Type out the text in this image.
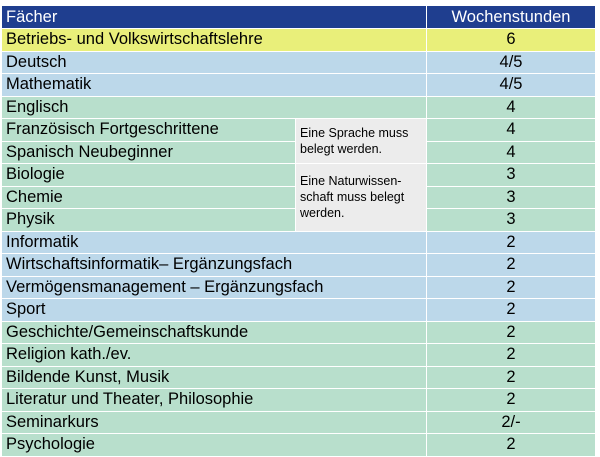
Fächer		Wochenstunden
Betriebs- und Volkswirtschaftslehre		6
Deutsch		4/5
Mathematik		4/5
Englisch		4
Französisch Fortgeschrittene	Eine Sprache muss belegt werden.	4
Spanisch Neubeginner		4
Biologie	Eine Naturwissen-schaft muss belegt werden.	3
Chemie		3
Physik		3
Informatik		2
Wirtschaftsinformatik– Ergänzungsfach		2
Vermögensmanagement – Ergänzungsfach		2
Sport		2
Geschichte/Gemeinschaftskunde		2
Religion kath./ev.		2
Bildende Kunst, Musik		2
Literatur und Theater, Philosophie		2
Seminarkurs		2/-
Psychologie		2
